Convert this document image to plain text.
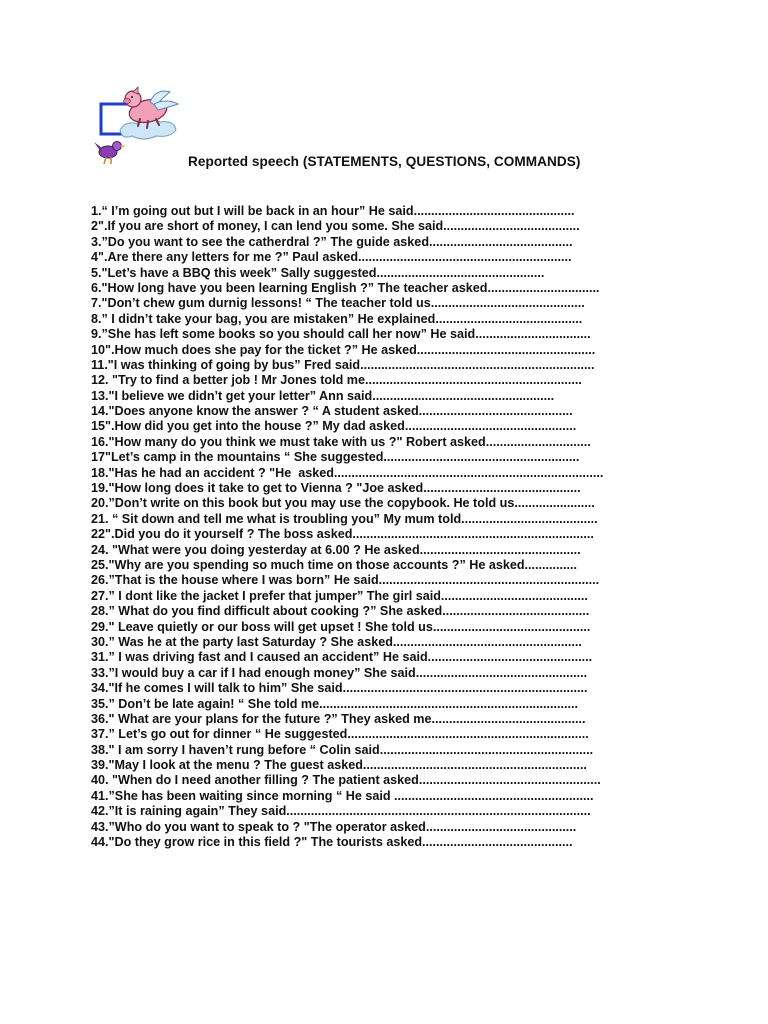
Reported speech (STATEMENTS, QUESTIONS, COMMANDS)
1.“ I’m going out but I will be back in an hour” He said..............................................
2".If you are short of money, I can lend you some. She said.......................................
3.”Do you want to see the catherdral ?” The guide asked.........................................
4".Are there any letters for me ?” Paul asked.............................................................
5."Let’s have a BBQ this week” Sally suggested................................................
6."How long have you been learning English ?” The teacher asked................................
7."Don’t chew gum durnig lessons! “ The teacher told us............................................
8.” I didn’t take your bag, you are mistaken” He explained..........................................
9.”She has left some books so you should call her now” He said.................................
10".How much does she pay for the ticket ?” He asked...................................................
11."I was thinking of going by bus” Fred said...................................................................
12. "Try to find a better job ! Mr Jones told me..............................................................
13."I believe we didn’t get your letter” Ann said....................................................
14."Does anyone know the answer ? “ A student asked............................................
15".How did you get into the house ?” My dad asked.................................................
16."How many do you think we must take with us ?" Robert asked..............................
17"Let’s camp in the mountains “ She suggested........................................................
18."Has he had an accident ? "He  asked.............................................................................
19."How long does it take to get to Vienna ? "Joe asked.............................................
20.”Don’t write on this book but you may use the copybook. He told us.......................
21. “ Sit down and tell me what is troubling you” My mum told.......................................
22".Did you do it yourself ? The boss asked.....................................................................
24. "What were you doing yesterday at 6.00 ? He asked..............................................
25."Why are you spending so much time on those accounts ?” He asked...............
26.”That is the house where I was born” He said...............................................................
27.” I dont like the jacket I prefer that jumper” The girl said..........................................
28.” What do you find difficult about cooking ?” She asked..........................................
29." Leave quietly or our boss will get upset ! She told us.............................................
30.” Was he at the party last Saturday ? She asked......................................................
31.” I was driving fast and I caused an accident” He said...............................................
33.”I would buy a car if I had enough money” She said.................................................
34."If he comes I will talk to him” She said......................................................................
35.” Don’t be late again! “ She told me..........................................................................
36." What are your plans for the future ?” They asked me............................................
37.” Let’s go out for dinner “ He suggested.....................................................................
38." I am sorry I haven’t rung before “ Colin said.............................................................
39."May I look at the menu ? The guest asked................................................................
40. "When do I need another filling ? The patient asked....................................................
41.”She has been waiting since morning “ He said .........................................................
42.”It is raining again” They said.......................................................................................
43.”Who do you want to speak to ? "The operator asked...........................................
44."Do they grow rice in this field ?" The tourists asked...........................................
